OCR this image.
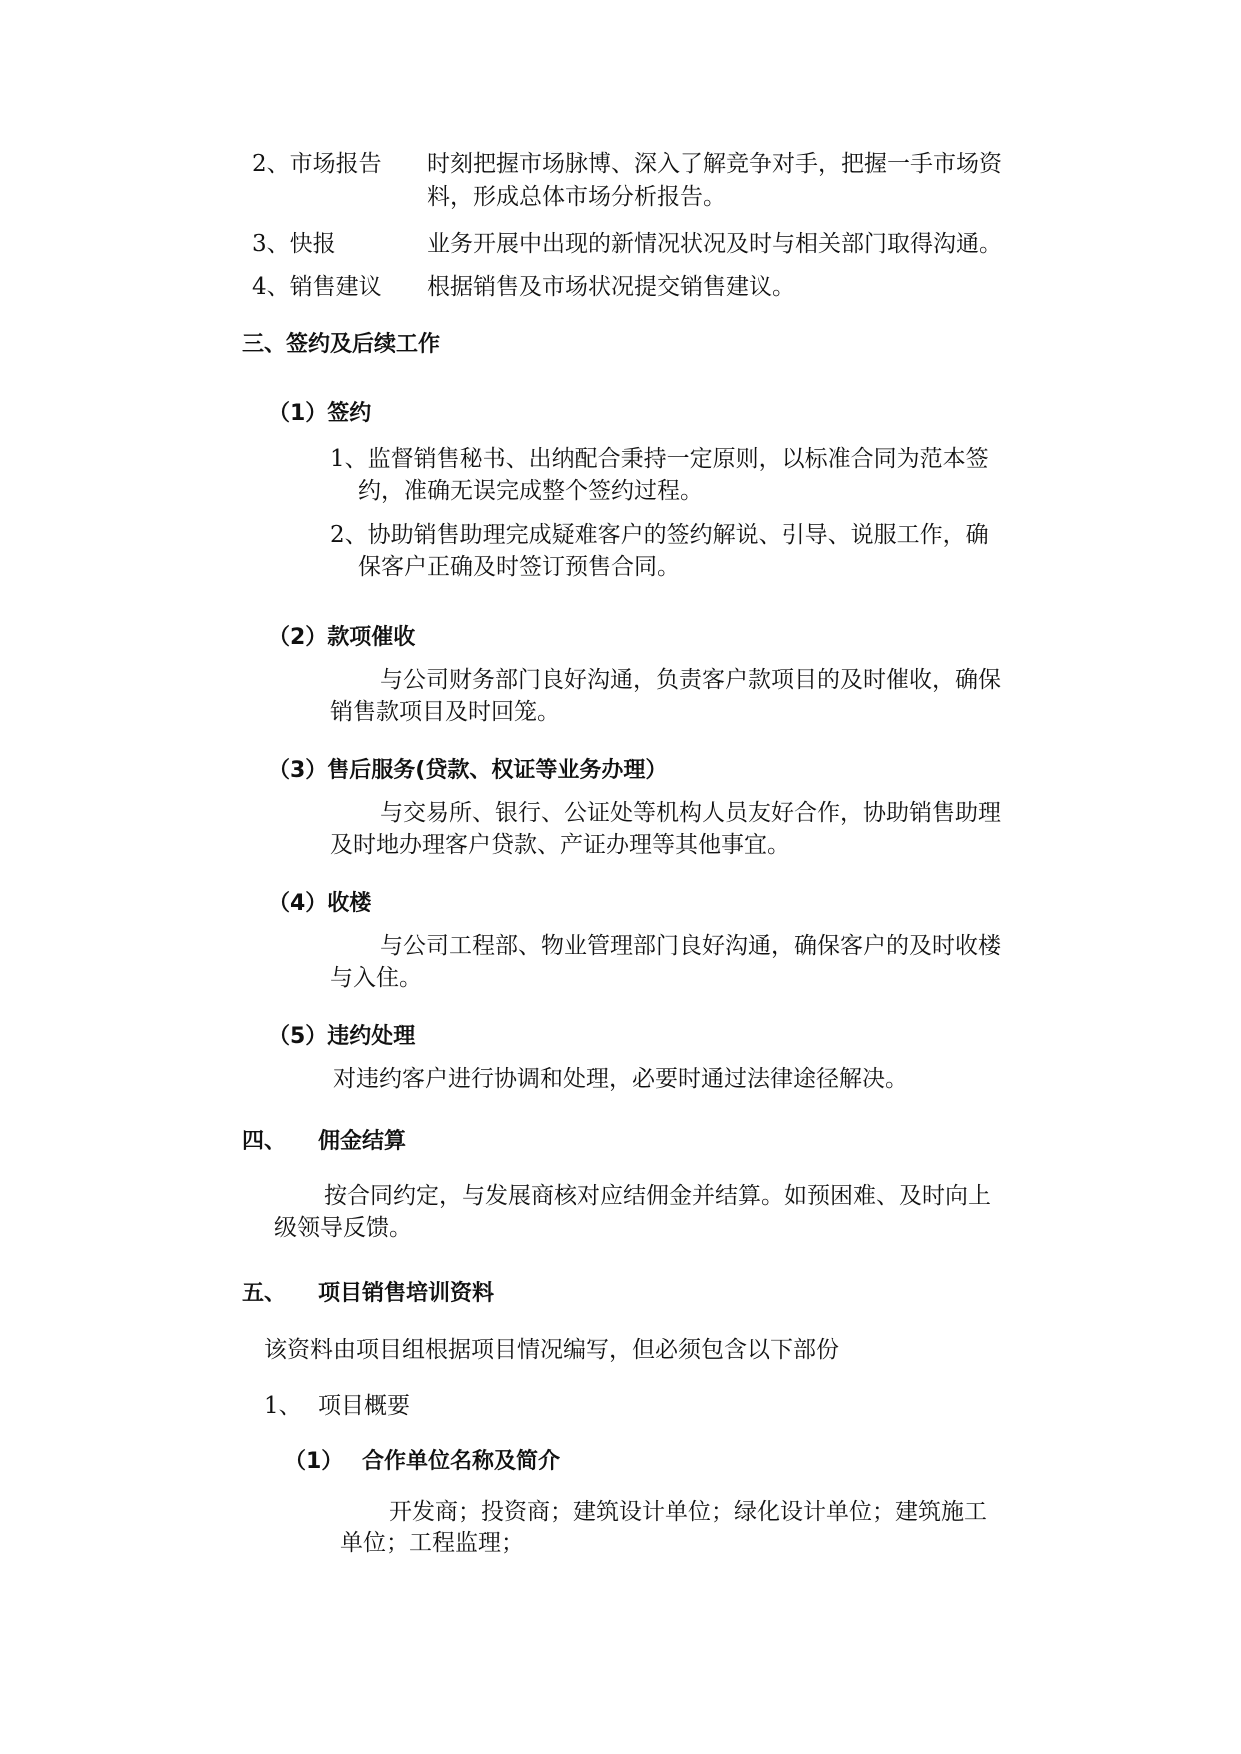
2、市场报告 时刻把握市场脉博、深入了解竞争对手，把握一手市场资
料，形成总体市场分析报告。
3、快报	业务开展中出现的新情况状况及时与相关部门取得沟通。
4、销售建议 根据销售及市场状况提交销售建议。
三、签约及后续工作
（1）签约
1、监督销售秘书、出纳配合秉持一定原则，以标准合同为范本签
约，准确无误完成整个签约过程。
2、协助销售助理完成疑难客户的签约解说、引导、说服工作，确
保客户正确及时签订预售合同。
（2）款项催收
与公司财务部门良好沟通，负责客户款项目的及时催收，确保
销售款项目及时回笼。
（3）售后服务(贷款、权证等业务办理）
与交易所、银行、公证处等机构人员友好合作，协助销售助理
及时地办理客户贷款、产证办理等其他事宜。
（4）收楼
与公司工程部、物业管理部门良好沟通，确保客户的及时收楼
与入住。
（5）违约处理
对违约客户进行协调和处理，必要时通过法律途径解决。
四、 佣金结算
按合同约定，与发展商核对应结佣金并结算。如预困难、及时向上
级领导反馈。
五、 项目销售培训资料
该资料由项目组根据项目情况编写，但必须包含以下部份
1、 项目概要
（1） 合作单位名称及简介
开发商；投资商；建筑设计单位；绿化设计单位；建筑施工
单位；工程监理；
